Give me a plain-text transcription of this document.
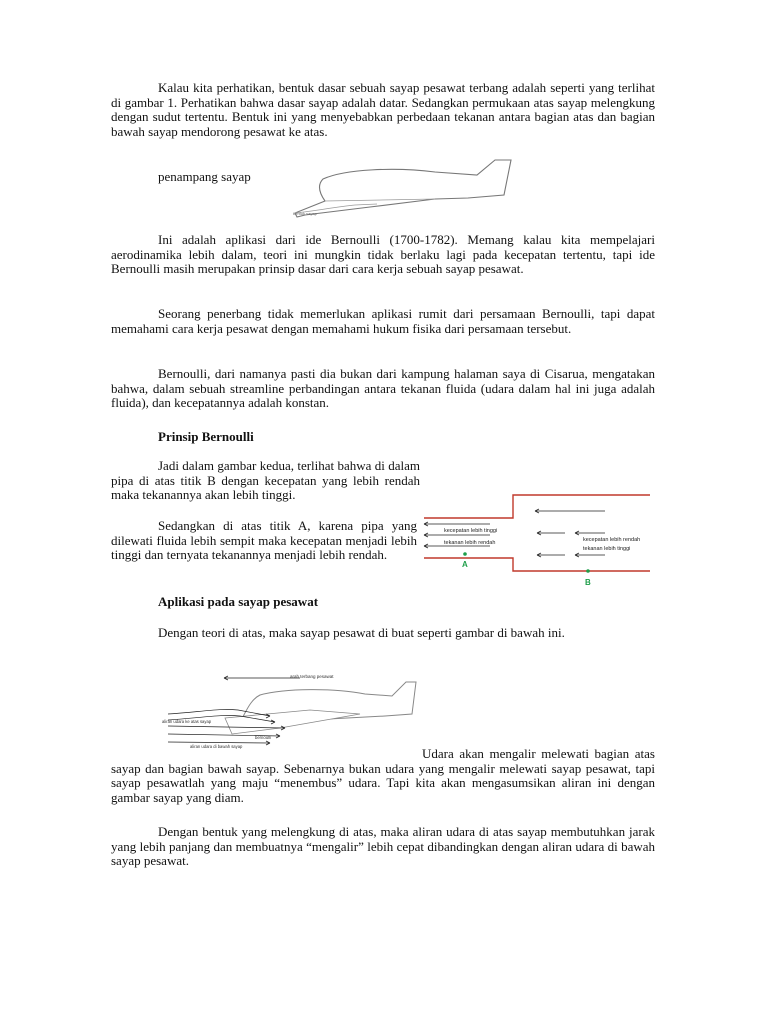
Kalau kita perhatikan, bentuk dasar sebuah sayap pesawat terbang adalah seperti yang terlihat di gambar 1. Perhatikan bahwa dasar sayap adalah datar. Sedangkan permukaan atas sayap melengkung dengan sudut tertentu. Bentuk ini yang menyebabkan perbedaan tekanan antara bagian atas dan bagian bawah sayap mendorong pesawat ke atas.

penampang sayap

bentuk sayap

Ini adalah aplikasi dari ide Bernoulli (1700-1782). Memang kalau kita mempelajari aerodinamika lebih dalam, teori ini mungkin tidak berlaku lagi pada kecepatan tertentu, tapi ide Bernoulli masih merupakan prinsip dasar dari cara kerja sebuah sayap pesawat.

Seorang penerbang tidak memerlukan aplikasi rumit dari persamaan Bernoulli, tapi dapat memahami cara kerja pesawat dengan memahami hukum fisika dari persamaan tersebut.

Bernoulli, dari namanya pasti dia bukan dari kampung halaman saya di Cisarua, mengatakan bahwa, dalam sebuah streamline perbandingan antara tekanan fluida (udara dalam hal ini juga adalah fluida), dan kecepatannya adalah konstan.

Prinsip Bernoulli

Jadi dalam gambar kedua, terlihat bahwa di dalam pipa di atas titik B dengan kecepatan yang lebih rendah maka tekanannya akan lebih tinggi.

Sedangkan di atas titik A, karena pipa yang dilewati fluida lebih sempit maka kecepatan menjadi lebih tinggi dan ternyata tekanannya menjadi lebih rendah.

kecepatan lebih tinggi
tekanan lebih rendah	kecepatan lebih rendah
tekanan lebih tinggi
A
B
Aplikasi pada sayap pesawat

Dengan teori di atas, maka sayap pesawat di buat seperti gambar di bawah ini.

arah terbang pesawat
aliran udara ke atas sayap
bernoulli
aliran udara di bawah sayap	Udara akan mengalir melewati bagian atas sayap dan bagian bawah sayap. Sebenarnya bukan udara yang mengalir melewati sayap pesawat, tapi sayap pesawatlah yang maju “menembus” udara. Tapi kita akan mengasumsikan aliran ini dengan gambar sayap yang diam.

Dengan bentuk yang melengkung di atas, maka aliran udara di atas sayap membutuhkan jarak yang lebih panjang dan membuatnya “mengalir” lebih cepat dibandingkan dengan aliran udara di bawah sayap pesawat.
